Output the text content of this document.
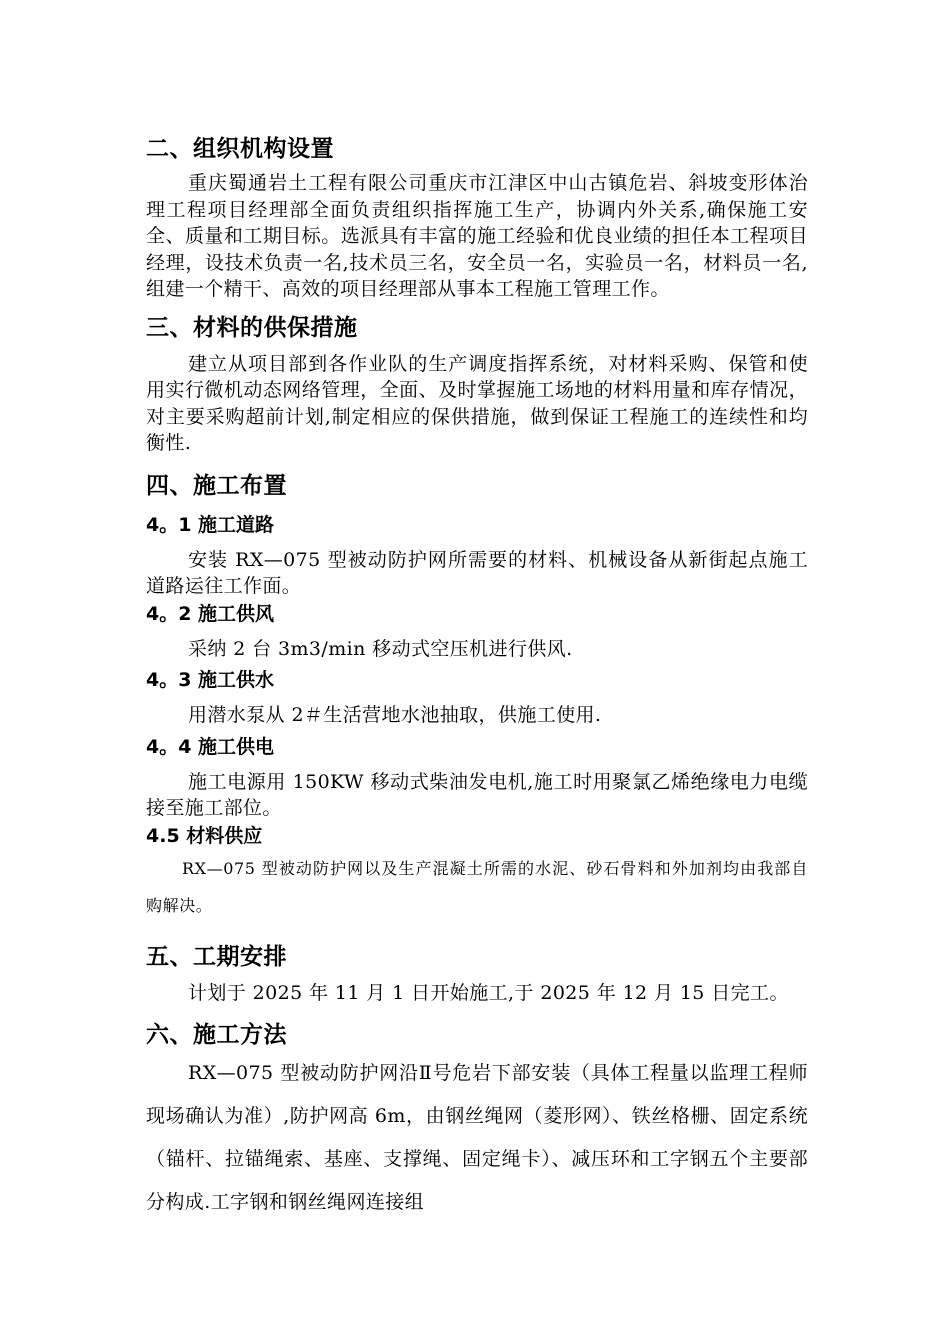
二、组织机构设置

重庆蜀通岩土工程有限公司重庆市江津区中山古镇危岩、斜坡变形体治理工程项目经理部全面负责组织指挥施工生产，协调内外关系,确保施工安全、质量和工期目标。选派具有丰富的施工经验和优良业绩的担任本工程项目经理，设技术负责一名,技术员三名，安全员一名，实验员一名，材料员一名,组建一个精干、高效的项目经理部从事本工程施工管理工作。

三、材料的供保措施

建立从项目部到各作业队的生产调度指挥系统，对材料采购、保管和使用实行微机动态网络管理，全面、及时掌握施工场地的材料用量和库存情况，对主要采购超前计划,制定相应的保供措施，做到保证工程施工的连续性和均衡性.

四、施工布置
4。1 施工道路

安装 RX—075 型被动防护网所需要的材料、机械设备从新街起点施工道路运往工作面。

4。2 施工供风

采纳 2 台 3m3/min 移动式空压机进行供风.

4。3 施工供水

用潜水泵从 2＃生活营地水池抽取，供施工使用.

4。4 施工供电

施工电源用 150KW 移动式柴油发电机,施工时用聚氯乙烯绝缘电力电缆接至施工部位。

4.5 材料供应

RX—075 型被动防护网以及生产混凝土所需的水泥、砂石骨料和外加剂均由我部自购解决。

五、工期安排

计划于 2025 年 11 月 1 日开始施工,于 2025 年 12 月 15 日完工。

六、施工方法

RX—075 型被动防护网沿Ⅱ号危岩下部安装（具体工程量以监理工程师现场确认为准）,防护网高 6m，由钢丝绳网（菱形网）、铁丝格栅、固定系统（锚杆、拉锚绳索、基座、支撑绳、固定绳卡）、减压环和工字钢五个主要部分构成.工字钢和钢丝绳网连接组
